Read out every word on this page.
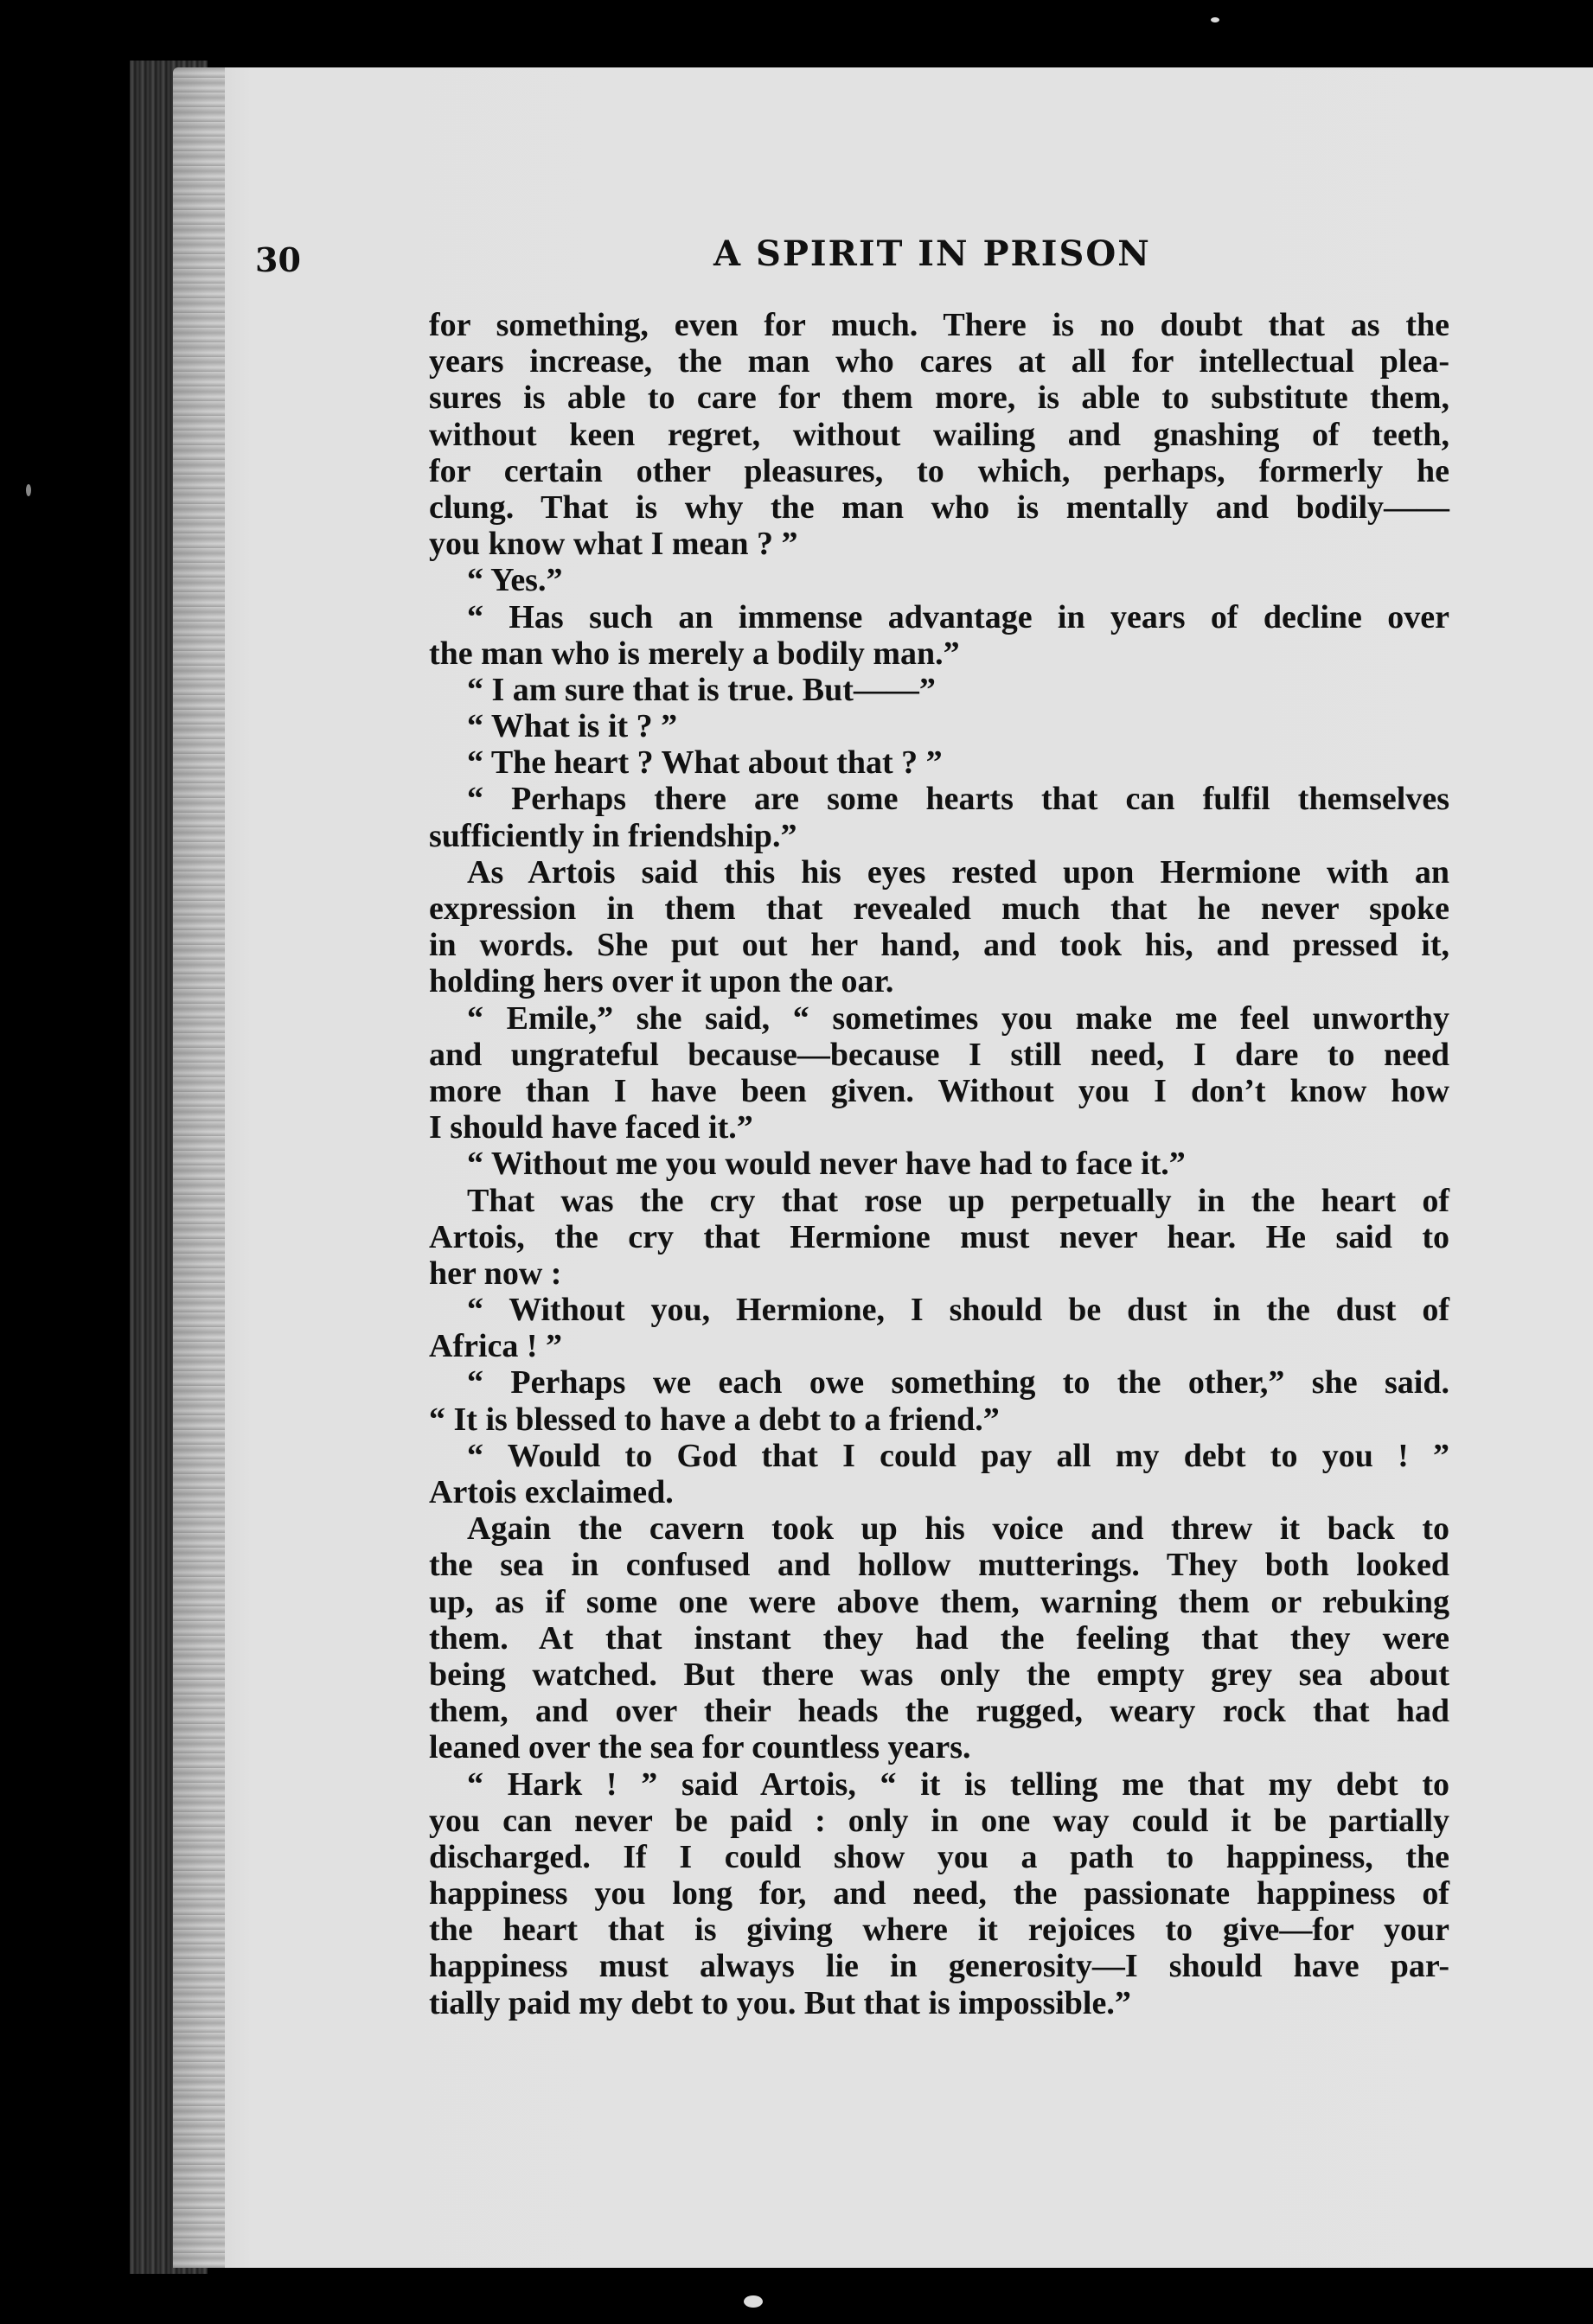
30	A SPIRIT IN PRISON
for something, even for much. There is no doubt that as the
years increase, the man who cares at all for intellectual plea-
sures is able to care for them more, is able to substitute them,
without keen regret, without wailing and gnashing of teeth,
for certain other pleasures, to which, perhaps, formerly he
clung. That is why the man who is mentally and bodily——
you know what I mean ? ”
“ Yes.”
“ Has such an immense advantage in years of decline over
the man who is merely a bodily man.”
“ I am sure that is true. But——”
“ What is it ? ”
“ The heart ? What about that ? ”
“ Perhaps there are some hearts that can fulfil themselves
sufficiently in friendship.”
As Artois said this his eyes rested upon Hermione with an
expression in them that revealed much that he never spoke
in words. She put out her hand, and took his, and pressed it,
holding hers over it upon the oar.
“ Emile,” she said, “ sometimes you make me feel unworthy
and ungrateful because—because I still need, I dare to need
more than I have been given. Without you I don’t know how
I should have faced it.”
“ Without me you would never have had to face it.”
That was the cry that rose up perpetually in the heart of
Artois, the cry that Hermione must never hear. He said to
her now :
“ Without you, Hermione, I should be dust in the dust of
Africa ! ”
“ Perhaps we each owe something to the other,” she said.
“ It is blessed to have a debt to a friend.”
“ Would to God that I could pay all my debt to you ! ”
Artois exclaimed.
Again the cavern took up his voice and threw it back to
the sea in confused and hollow mutterings. They both looked
up, as if some one were above them, warning them or rebuking
them. At that instant they had the feeling that they were
being watched. But there was only the empty grey sea about
them, and over their heads the rugged, weary rock that had
leaned over the sea for countless years.
“ Hark ! ” said Artois, “ it is telling me that my debt to
you can never be paid : only in one way could it be partially
discharged. If I could show you a path to happiness, the
happiness you long for, and need, the passionate happiness of
the heart that is giving where it rejoices to give—for your
happiness must always lie in generosity—I should have par-
tially paid my debt to you. But that is impossible.”
